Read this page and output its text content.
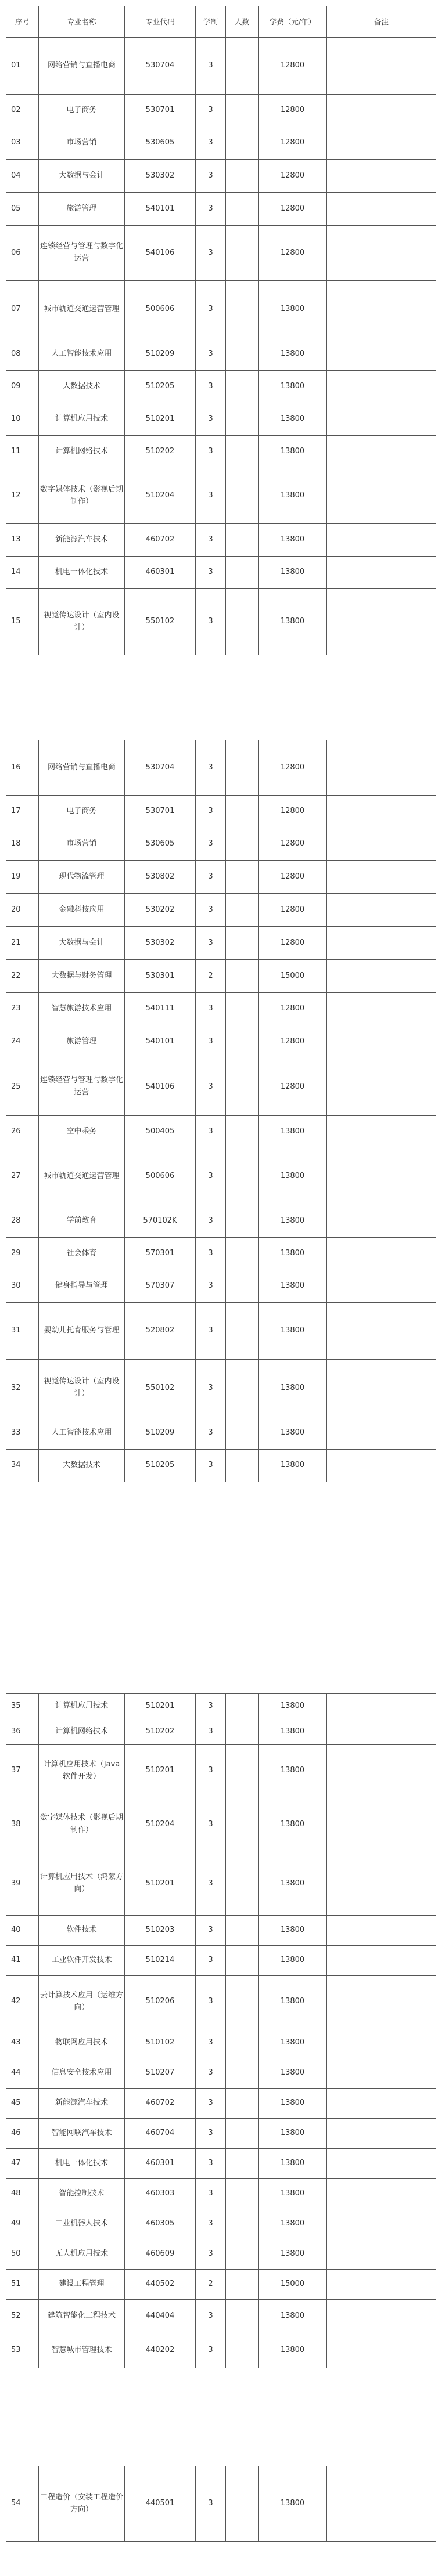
序号	专业名称	专业代码	学制	人数	学费（元/年）	备注
01	网络营销与直播电商	530704	3		12800	
02	电子商务	530701	3		12800	
03	市场营销	530605	3		12800	
04	大数据与会计	530302	3		12800	
05	旅游管理	540101	3		12800	
06	连锁经营与管理与数字化运营	540106	3		12800	
07	城市轨道交通运营管理	500606	3		13800	
08	人工智能技术应用	510209	3		13800	
09	大数据技术	510205	3		13800	
10	计算机应用技术	510201	3		13800	
11	计算机网络技术	510202	3		13800	
12	数字媒体技术（影视后期制作）	510204	3		13800	
13	新能源汽车技术	460702	3		13800	
14	机电一体化技术	460301	3		13800	
15	视觉传达设计（室内设计）	550102	3		13800	
16	网络营销与直播电商	530704	3		12800	
17	电子商务	530701	3		12800	
18	市场营销	530605	3		12800	
19	现代物流管理	530802	3		12800	
20	金融科技应用	530202	3		12800	
21	大数据与会计	530302	3		12800	
22	大数据与财务管理	530301	2		15000	
23	智慧旅游技术应用	540111	3		12800	
24	旅游管理	540101	3		12800	
25	连锁经营与管理与数字化运营	540106	3		12800	
26	空中乘务	500405	3		13800	
27	城市轨道交通运营管理	500606	3		13800	
28	学前教育	570102K	3		13800	
29	社会体育	570301	3		13800	
30	健身指导与管理	570307	3		13800	
31	婴幼儿托育服务与管理	520802	3		13800	
32	视觉传达设计（室内设计）	550102	3		13800	
33	人工智能技术应用	510209	3		13800	
34	大数据技术	510205	3		13800	
35	计算机应用技术	510201	3		13800	
36	计算机网络技术	510202	3		13800	
37	计算机应用技术（Java软件开发）	510201	3		13800	
38	数字媒体技术（影视后期制作）	510204	3		13800	
39	计算机应用技术（鸿蒙方向）	510201	3		13800	
40	软件技术	510203	3		13800	
41	工业软件开发技术	510214	3		13800	
42	云计算技术应用（运维方向）	510206	3		13800	
43	物联网应用技术	510102	3		13800	
44	信息安全技术应用	510207	3		13800	
45	新能源汽车技术	460702	3		13800	
46	智能网联汽车技术	460704	3		13800	
47	机电一体化技术	460301	3		13800	
48	智能控制技术	460303	3		13800	
49	工业机器人技术	460305	3		13800	
50	无人机应用技术	460609	3		13800	
51	建设工程管理	440502	2		15000	
52	建筑智能化工程技术	440404	3		13800	
53	智慧城市管理技术	440202	3		13800	
54	工程造价（安装工程造价方向）	440501	3		13800	
